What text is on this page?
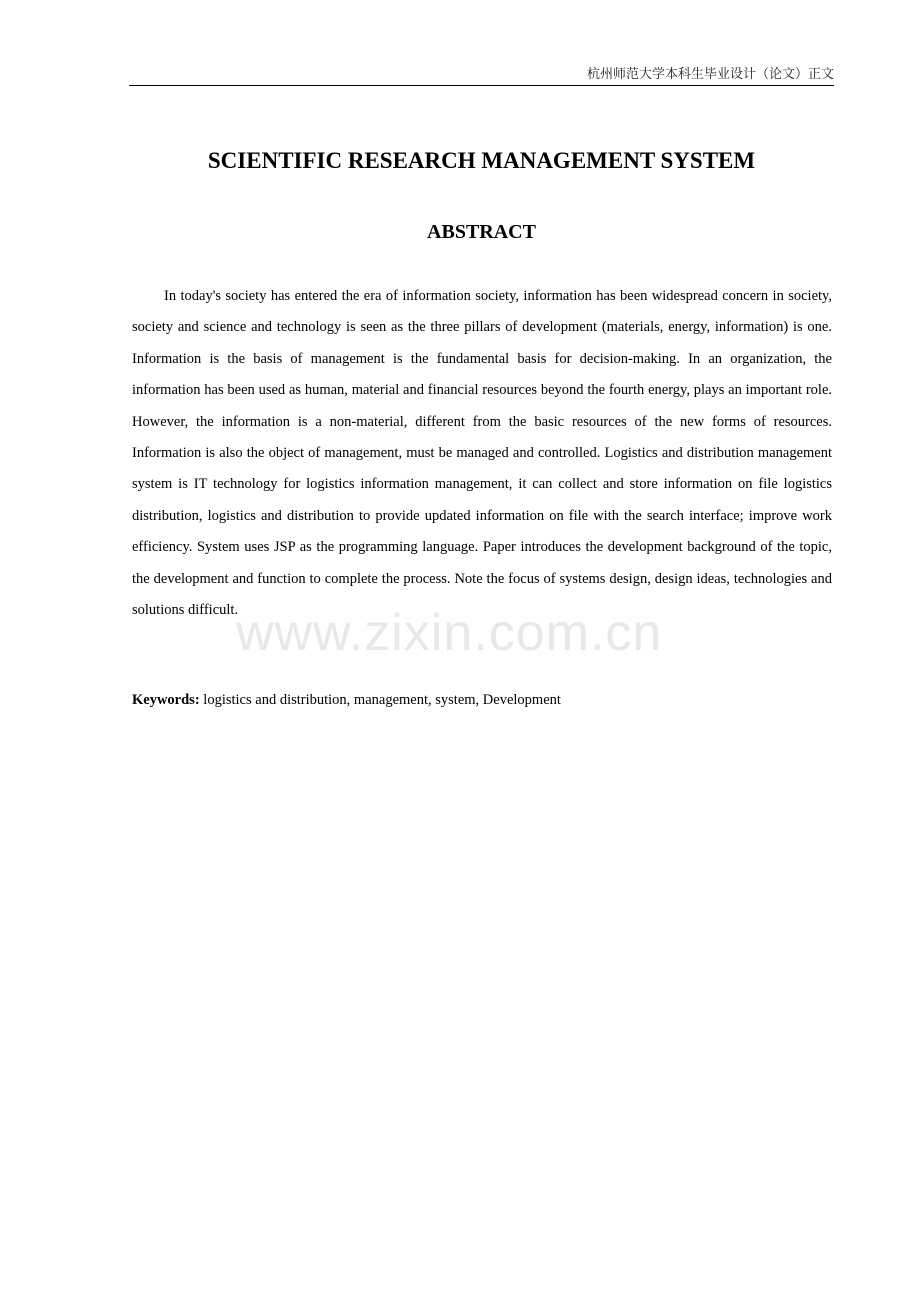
杭州师范大学本科生毕业设计（论文）正文
SCIENTIFIC RESEARCH MANAGEMENT SYSTEM
ABSTRACT

In today's society has entered the era of information society, information has been widespread concern in society, society and science and technology is seen as the three pillars of development (materials, energy, information) is one. Information is the basis of management is the fundamental basis for decision-making. In an organization, the information has been used as human, material and financial resources beyond the fourth energy, plays an important role. However, the information is a non-material, different from the basic resources of the new forms of resources. Information is also the object of management, must be managed and controlled. Logistics and distribution management system is IT technology for logistics information management, it can collect and store information on file logistics distribution, logistics and distribution to provide updated information on file with the search interface; improve work efficiency. System uses JSP as the programming language. Paper introduces the development background of the topic, the development and function to complete the process. Note the focus of systems design, design ideas, technologies and solutions difficult.

Keywords: logistics and distribution, management, system, Development

www.zixin.com.cn
